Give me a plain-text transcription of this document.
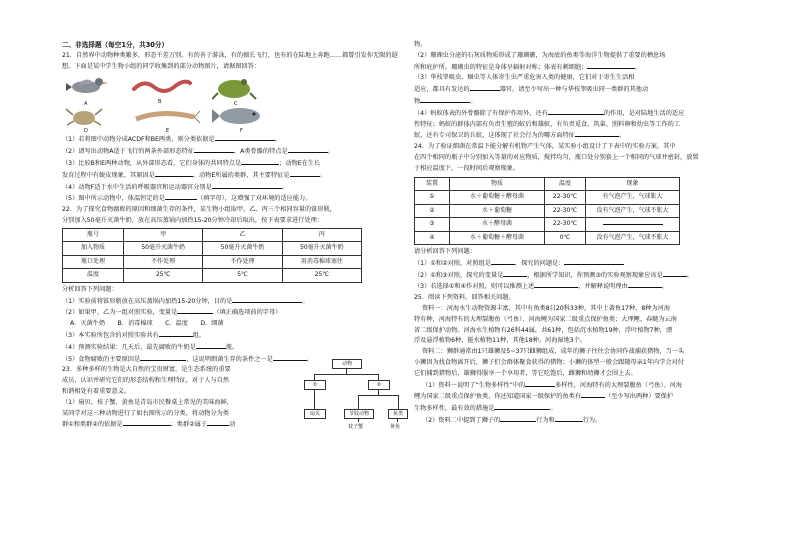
二、非选择题（每空1分，共30分）
21．自然界中动物种类繁多，形态千差万别。有的善于游泳，有的擅长飞行，也有的在陆地上奔跑……都曾引发你无限的遐
想。下面是某中学生物小组的同学收集到的部分动物图片，请据图回答：
A	B	C
D	E	F
（1）若将图中动物分成ACDF和BE两类，则分类依据是	。
（2）请写出动物A适于飞行的两条外部形态特征	。A类骨骼的特点是	。
（3）比较B和E两种动物，从外部形态看，它们身体的共同特点是	；动物E在生长
发育过程中有蜕皮现象，其原因是	。动物E所属的类群，其主要特征是	。
（4）动物F适于水中生活的呼吸器官和运动器官分别是	。
（5）图中所示动物中，体温恒定的是	（填字母），这增强了对环境的适应能力。
22．为了探究食物腐败的原因和细菌生存的条件，某生物小组取甲、乙、丙三个相同容量的锥形瓶，
分别加入50毫升灭菌牛奶，放在高压蒸锅内加热15-20分钟冷却后取出，按下表要求进行处理：
瓶号	甲	乙	丙
加入物质	50毫升灭菌牛奶	50毫升灭菌牛奶	50毫升灭菌牛奶
瓶口处理	不作处理	不作处理	用消毒棉球塞住
温度	25℃	5℃	25℃
分析回答下列问题：
（1）实验前将锥形瓶放在高压蒸锅内加热15-20分钟，目的是	。
（2）如果甲、乙为一组对照实验，变量是	（填正确选项前的字母）
A．灭菌牛奶　　B．消毒棉球　　C．温度　　D．细菌
（3）本实验所包含的对照实验共有	组。
（4）预测实验结果：几天后，最先腐败的牛奶是	瓶。
（5）食物腐败的主要原因是	，这说明细菌生存的条件之一是	。
23．多种多样的生物是大自然的宝贵财富，是生态系统的重要
成员，认识并研究它们的形态结构和生理特征，对于人与自然
和谐相处有着重要意义。
（1）扇贝、枝子蟹、黄鱼是青岛市民餐桌上常见的美味海鲜，
某同学对这三种动物进行了如右图所示的分类，将动物分为类
群①和类群②的依据是	；类群②属于	动
动物
①	②
扇贝	节肢动物	鱼类
枝子蟹	黄鱼
物。
（2）珊瑚虫分泌的石灰质物质形成了珊瑚礁，为海底的鱼类等海洋生物提供了重要的栖息场
所和庇护所。珊瑚虫的特征是身体呈辐射对称；体表有刺细胞；	。
（3）华枝睾吸虫、蛔虫等人体寄生虫严重危害人类的健康，它们对于寄生生活相
适应，都具有发达的	器官，请至少写出一种与华枝睾吸虫同一类群的其他动
物	。
（4）蚂蚁体表的外骨骼除了有保护作用外，还有	的作用，是对陆地生活的适应
性特征；蚂蚁的群体内部有负责生殖的蚁后和雄蚁，有负责觅食、筑巢、照料卵和幼虫等工作的工
蚁，还有专司保卫的兵蚁，这体现了社会行为的哪方面特征	。
24．为了验证细菌在常温下能分解有机物产生气体，某实验小组设计了下表中的实验方案，其中
在四个相同的瓶子中分别加入等量的对应物质，搅拌均匀，瓶口处分别套上一个相同的气球并密封，放置
于相应温度下，一段时间后观察现象。
装置	物质	温度	现象
①	水＋葡萄糖＋酵母菌	22-30℃	有气泡产生，气球胀大
②	水＋葡萄糖	22-30℃	没有气泡产生，气球不胀大
③	水＋酵母菌	22-30℃	
④	水＋葡萄糖＋酵母菌	0℃	没有气泡产生，气球不胀大
请分析回答下列问题：
（1）①和②对照，对照组是	，探究的问题是：
（2）①和③对照，探究的变量是	，根据所学知识，你预测③的实验观察现象应该是	。
（3）若选择①和④作对照，则可以推测上述	，并解释说明理由	。
25．阅读下列资料，回答相关问题。
资料一：河海水生动物资源丰富，其中有鱼类8目20科33种，其中土著鱼17种，8种为河海
特有种，河海特有的大理裂腹鱼（弓鱼）、河海鲤为国家二级重点保护鱼类；大理鲤、春鲢为云南
省二级保护动物。河海水生植物有26科44属，共61种，包括沉水植物19种，浮叶植物7种，漂
浮及悬浮植物6种，挺水植物11种，其他18种。河海湿地3个。
资料二：狮群通常由1只雄狮及5~37只雌狮组成，成年的狮子往往会协同作战捕获猎物，当一头
小狮因为找食物离开后，狮子们会群体聚食获得的猎物；小狮的体型一般会跟随母亲1年内学会对付
它们捕到猎物后，雄狮得服享一个享用者，等它吃饱后，雌狮和幼狮才会围上去。
（1）资料一说明了“生物多样性”中的	多样性，河海特有的大理裂腹鱼（弓鱼）、河海
鲤为国家二级重点保护鱼类，你还知道国家一级保护的鱼类有	（至少写出两种）要保护
生物多样性，最有效的措施是	。
（2）资料二中提到了狮子的	行为和	行为。
